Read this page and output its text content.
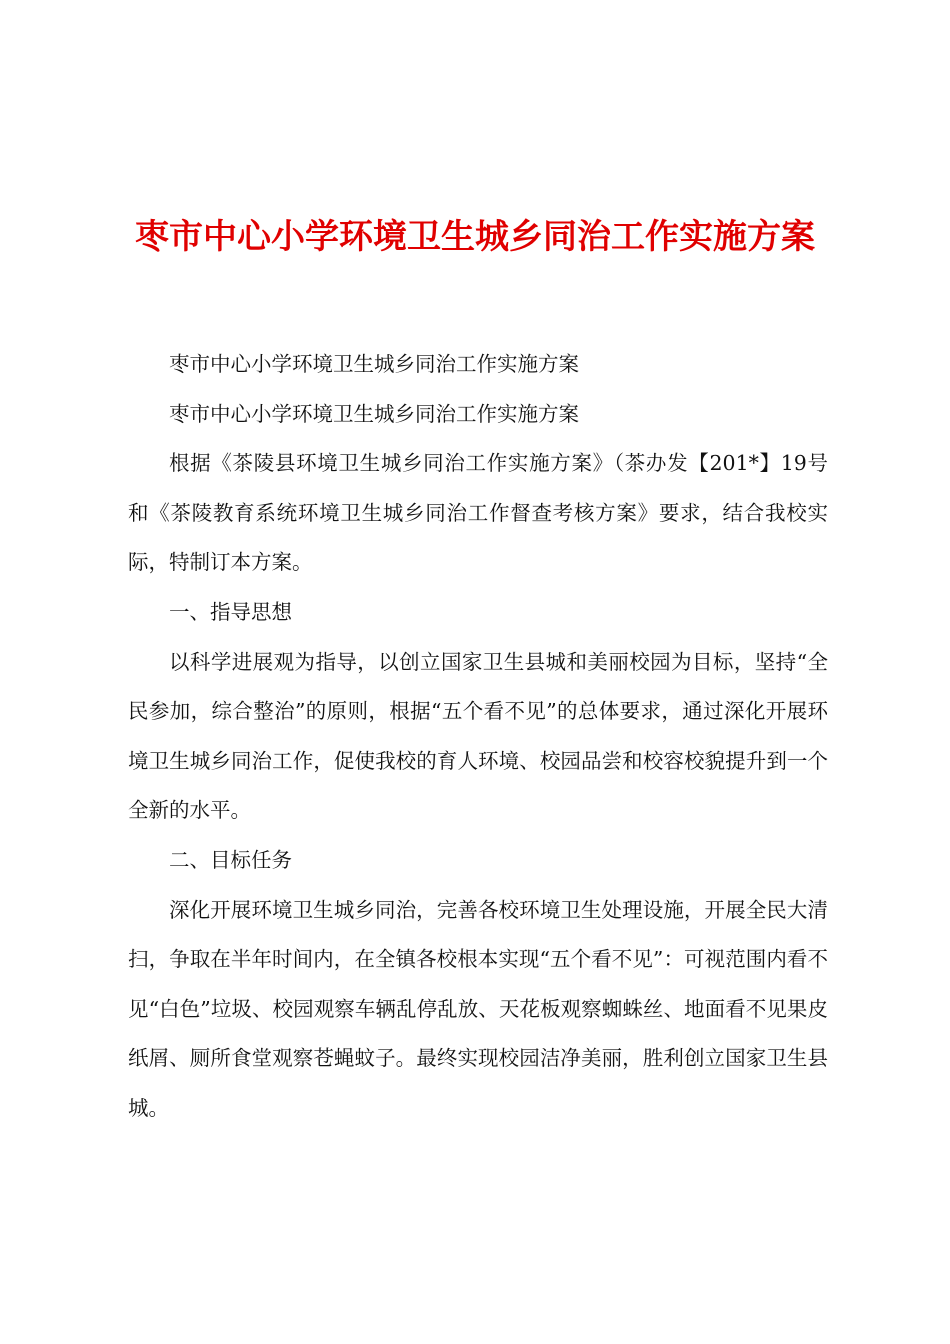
枣市中心小学环境卫生城乡同治工作实施方案

枣市中心小学环境卫生城乡同治工作实施方案

枣市中心小学环境卫生城乡同治工作实施方案

根据《茶陵县环境卫生城乡同治工作实施方案》（茶办发【201*】19号和《茶陵教育系统环境卫生城乡同治工作督查考核方案》要求，结合我校实际，特制订本方案。

一、指导思想

以科学进展观为指导，以创立国家卫生县城和美丽校园为目标，坚持“全民参加，综合整治”的原则，根据“五个看不见”的总体要求，通过深化开展环境卫生城乡同治工作，促使我校的育人环境、校园品尝和校容校貌提升到一个全新的水平。

二、目标任务

深化开展环境卫生城乡同治，完善各校环境卫生处理设施，开展全民大清扫，争取在半年时间内，在全镇各校根本实现“五个看不见”：可视范围内看不见“白色”垃圾、校园观察车辆乱停乱放、天花板观察蜘蛛丝、地面看不见果皮纸屑、厕所食堂观察苍蝇蚊子。最终实现校园洁净美丽，胜利创立国家卫生县城。
